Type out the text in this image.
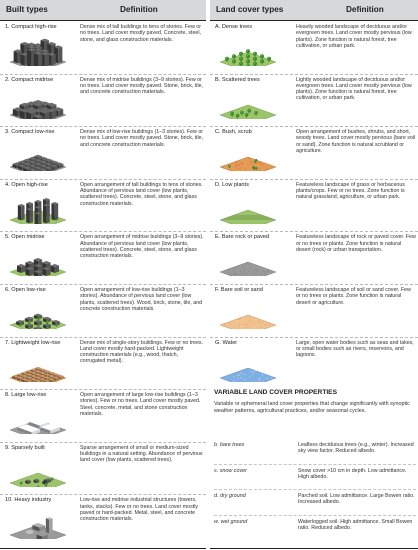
Built types	Definition
1. Compact high-rise	Dense mix of tall buildings to tens of stories. Few or no trees. Land cover mostly paved. Concrete, steel, stone, and glass construction materials.
2. Compact midrise	Dense mix of midrise buildings (3–9 stories). Few or no trees. Land cover mostly paved. Stone, brick, tile, and concrete construction materials.
3. Compact low-rise	Dense mix of low-rise buildings (1–3 stories). Few or no trees. Land cover mostly paved. Stone, brick, tile, and concrete construction materials.
4. Open high-rise	Open arrangement of tall buildings to tens of stories. Abundance of pervious land cover (low plants, scattered trees). Concrete, steel, stone, and glass construction materials.
5. Open midrise	Open arrangement of midrise buildings (3–9 stories). Abundance of pervious land cover (low plants, scattered trees). Concrete, steel, stone, and glass construction materials.
6. Open low-rise	Open arrangement of low-rise buildings (1–3 stories). Abundance of pervious land cover (low plants, scattered trees). Wood, brick, stone, tile, and concrete construction materials.
7. Lightweight low-rise	Dense mix of single-story buildings. Few or no trees. Land cover mostly hard-packed. Lightweight construction materials (e.g., wood, thatch, corrugated metal).
8. Large low-rise	Open arrangement of large low-rise buildings (1–3 stories). Few or no trees. Land cover mostly paved. Steel, concrete, metal, and stone construction materials.
9. Sparsely built	Sparse arrangement of small or medium-sized buildings in a natural setting. Abundance of pervious land cover (low plants, scattered trees).
10. Heavy industry	Low-rise and midrise industrial structures (towers, tanks, stacks). Few or no trees. Land cover mostly paved or hard-packed. Metal, steel, and concrete construction materials.
Land cover types	Definition
A. Dense trees	Heavily wooded landscape of deciduous and/or evergreen trees. Land cover mostly pervious (low plants). Zone function is natural forest, tree cultivation, or urban park.
B. Scattered trees	Lightly wooded landscape of deciduous and/or evergreen trees. Land cover mostly pervious (low plants). Zone function is natural forest, tree cultivation, or urban park.
C. Bush, scrub	Open arrangement of bushes, shrubs, and short, woody trees. Land cover mostly pervious (bare soil or sand). Zone function is natural scrubland or agriculture.
D. Low plants	Featureless landscape of grass or herbaceous plants/crops. Few or no trees. Zone function is natural grassland, agriculture, or urban park.
E. Bare rock or paved	Featureless landscape of rock or paved cover. Few or no trees or plants. Zone function is natural desert (rock) or urban transportation.
F. Bare soil or sand	Featureless landscape of soil or sand cover. Few or no trees or plants. Zone function is natural desert or agriculture.
G. Water	Large, open water bodies such as seas and lakes, or small bodies such as rivers, reservoirs, and lagoons.
VARIABLE LAND COVER PROPERTIES
Variable or ephemeral land cover properties that change significantly with synoptic weather patterns, agricultural practices, and/or seasonal cycles.
b. bare trees	Leafless deciduous trees (e.g., winter). Increased sky view factor. Reduced albedo.
s. snow cover	Snow cover >10 cm in depth. Low admittance. High albedo.
d. dry ground	Parched soil. Low admittance. Large Bowen ratio. Increased albedo.
w. wet ground	Waterlogged soil. High admittance. Small Bowen ratio. Reduced albedo.
